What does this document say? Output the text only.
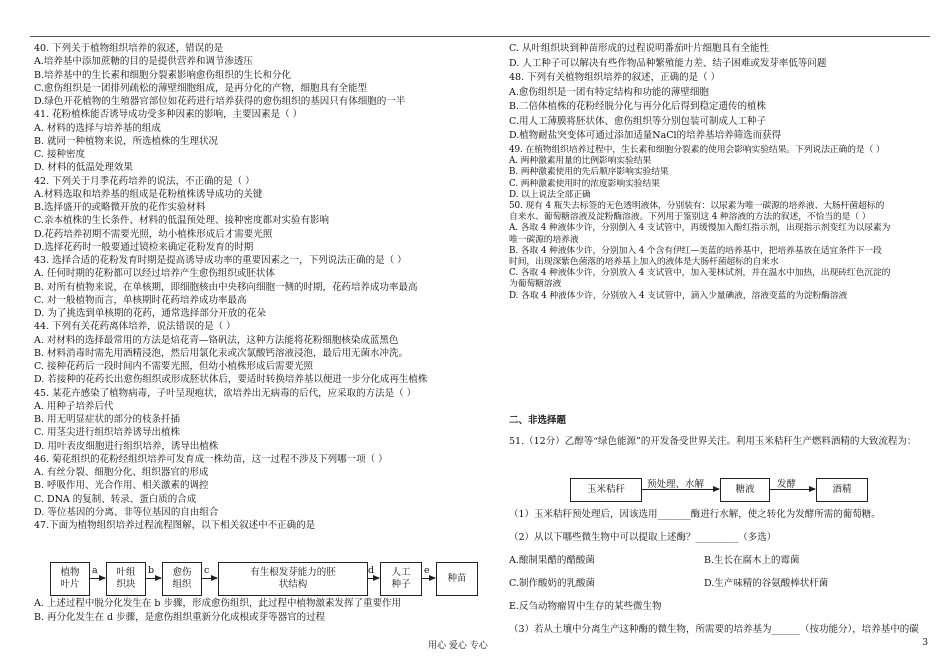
40. 下列关于植物组织培养的叙述，错误的是
A.培养基中添加蔗糖的目的是提供营养和调节渗透压
B.培养基中的生长素和细胞分裂素影响愈伤组织的生长和分化
C.愈伤组织是一团排列疏松的薄壁细胞组成，是再分化的产物，细胞具有全能型
D.绿色开花植物的生殖器官部位如花药进行培养获得的愈伤组织的基因只有体细胞的一半
41. 花粉植株能否诱导成功受多种因素的影响，主要因素是（ ）
A. 材料的选择与培养基的组成
B. 就同一种植物来说，所选植株的生理状况
C. 接种密度
D. 材料的低温处理效果
42. 下列关于月季花药培养的说法，不正确的是（ ）
A.材料选取和培养基的组成是花粉植株诱导成功的关键
B.选择盛开的或略微开放的花作实验材料
C.亲本植株的生长条件、材料的低温预处理、接种密度都对实验有影响
D.花药培养初期不需要光照，幼小植株形成后才需要光照
D.选择花药时一般要通过镜检来确定花粉发育的时期
43. 选择合适的花粉发育时期是提高诱导成功率的重要因素之一，下列说法正确的是（ ）
A. 任何时期的花粉都可以经过培养产生愈伤组织或胚状体
B. 对所有植物来说，在单核期，即细胞核由中央移向细胞一侧的时期，花药培养成功率最高
C. 对一般植物而言，单核期时花药培养成功率最高
D. 为了挑选到单核期的花药，通常选择部分开放的花朵
44. 下列有关花药离体培养，说法错误的是（ ）
A. 对材料的选择最常用的方法是焙花青—铬矾法，这种方法能将花粉细胞核染成蓝黑色
B. 材料消毒时需先用酒精浸泡，然后用氯化汞或次氯酸钙溶液浸泡，最后用无菌水冲洗。
C. 接种花药后一段时间内不需要光照，但幼小植株形成后需要光照
D. 若接种的花药长出愈伤组织或形成胚状体后，要适时转换培养基以便进一步分化成再生植株
45. 某花卉感染了植物病毒，子叶呈现疱状，欲培养出无病毒的后代，应采取的方法是（ ）
A. 用种子培养后代
B. 用无明显症状的部分的枝条扦插
C. 用茎尖进行组织培养诱导出植株
D. 用叶表皮细胞进行组织培养，诱导出植株
46. 菊花组织的花粉经组织培养可发育成一株幼苗，这一过程不涉及下列哪一项（ ）
A. 有丝分裂、细胞分化、组织器官的形成
B. 呼吸作用、光合作用、相关激素的调控
C. DNA 的复制、转录、蛋白质的合成
D. 等位基因的分离、非等位基因的自由组合
47.下面为植物组织培养过程流程图解，以下相关叙述中不正确的是
A. 上述过程中脱分化发生在 b 步骤，形成愈伤组织，此过程中植物激素发挥了重要作用
B. 再分化发生在 d 步骤，是愈伤组织重新分化成根或芽等器官的过程
C. 从叶组织块到种苗形成的过程说明番茄叶片细胞具有全能性
D. 人工种子可以解决有些作物品种繁殖能力差、结子困难或发芽率低等问题
48. 下列有关植物组织培养的叙述，正确的是（ ）
A.愈伤组织是一团有特定结构和功能的薄壁细胞
B.二倍体植株的花粉经脱分化与再分化后得到稳定遗传的植株
C.用人工薄膜将胚状体、愈伤组织等分别包装可制成人工种子
D.植物耐盐突变体可通过添加适量NaCl的培养基培养筛选而获得
49. 在植物组织培养过程中，生长素和细胞分裂素的使用会影响实验结果。下列说法正确的是（ ）
A. 两种激素用量的比例影响实验结果
B. 两种激素使用的先后顺序影响实验结果
C. 两种激素使用时的浓度影响实验结果
D. 以上说法全部正确
50. 现有 4 瓶失去标签的无色透明液体，分别装有：以尿素为唯一碳源的培养液、大肠杆菌超标的
自来水、葡萄糖溶液及淀粉酶溶液。下列用于鉴别这 4 种溶液的方法的叙述，不恰当的是（ ）
A. 各取 4 种液体少许，分别倒入 4 支试管中，再缓慢加入酚红指示剂，出现指示剂变红为以尿素为
唯一碳源的培养液
B. 各取 4 种液体少许，分别加入 4 个含有伊红—美蓝的培养基中，把培养基放在适宜条件下一段
时间，出现深紫色菌落的培养基上加入的液体是大肠杆菌超标的自来水
C. 各取 4 种液体少许，分别放入 4 支试管中，加入斐林试剂，并在温水中加热，出现砖红色沉淀的
为葡萄糖溶液
D. 各取 4 种液体少许，分别放入 4 支试管中，滴入少量碘液，溶液变蓝的为淀粉酶溶液
二、非选择题
51.（12分）乙醇等“绿色能源”的开发备受世界关注。利用玉米秸秆生产燃料酒精的大致流程为：
（1）玉米秸秆预处理后，因该选用_______酶进行水解，使之转化为发酵所需的葡萄糖。
（2）从以下哪些微生物中可以提取上述酶？_________（多选）
A.酿制果醋的醋酸菌	B.生长在腐木上的霉菌
C.制作酸奶的乳酸菌	D.生产味精的谷氨酸棒状杆菌
E.反刍动物瘤胃中生存的某些微生物
（3）若从土壤中分离生产这种酶的微生物，所需要的培养基为______（按功能分），培养基中的碳
植物
叶片
叶组
织块
愈伤
组织
有生根发芽能力的胚
状结构
人工
种子
种苗
a	b	c	d	e
玉米秸秆	糖液	酒精
预处理、水解	发酵
用心 爱心 专心	3
